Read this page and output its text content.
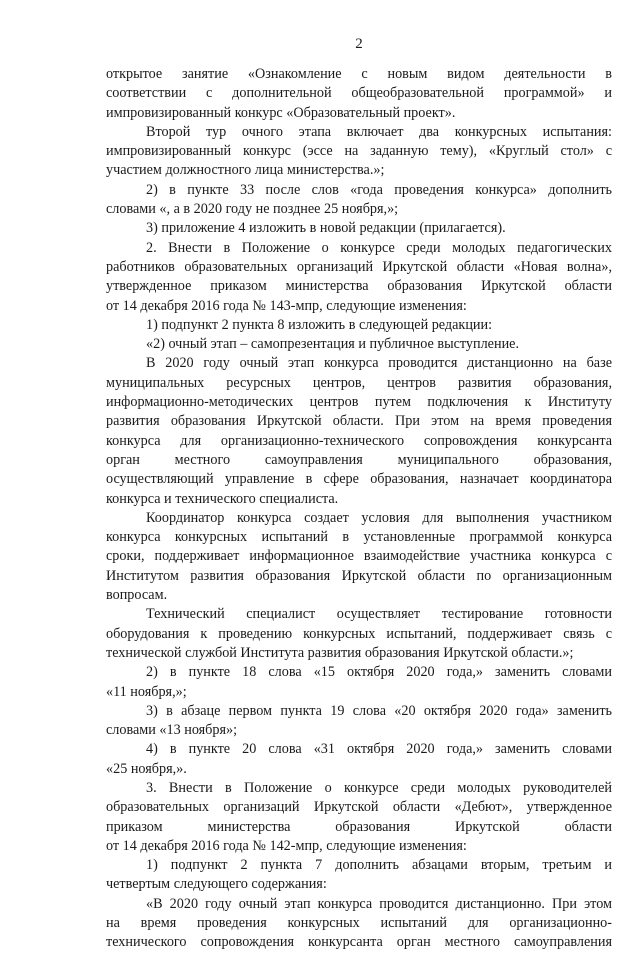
2
открытое занятие «Ознакомление с новым видом деятельности в
соответствии с дополнительной общеобразовательной программой» и
импровизированный конкурс «Образовательный проект».
Второй тур очного этапа включает два конкурсных испытания:
импровизированный конкурс (эссе на заданную тему), «Круглый стол» с
участием должностного лица министерства.»;
2) в пункте 33 после слов «года проведения конкурса» дополнить
словами «, а в 2020 году не позднее 25 ноября,»;
3) приложение 4 изложить в новой редакции (прилагается).
2. Внести в Положение о конкурсе среди молодых педагогических
работников образовательных организаций Иркутской области «Новая волна»,
утвержденное приказом министерства образования Иркутской области
от 14 декабря 2016 года № 143-мпр, следующие изменения:
1) подпункт 2 пункта 8 изложить в следующей редакции:
«2) очный этап – самопрезентация и публичное выступление.
В 2020 году очный этап конкурса проводится дистанционно на базе
муниципальных ресурсных центров, центров развития образования,
информационно-методических центров путем подключения к Институту
развития образования Иркутской области. При этом на время проведения
конкурса для организационно-технического сопровождения конкурсанта
орган местного самоуправления муниципального образования,
осуществляющий управление в сфере образования, назначает координатора
конкурса и технического специалиста.
Координатор конкурса создает условия для выполнения участником
конкурса конкурсных испытаний в установленные программой конкурса
сроки, поддерживает информационное взаимодействие участника конкурса с
Институтом развития образования Иркутской области по организационным
вопросам.
Технический специалист осуществляет тестирование готовности
оборудования к проведению конкурсных испытаний, поддерживает связь с
технической службой Института развития образования Иркутской области.»;
2) в пункте 18 слова «15 октября 2020 года,» заменить словами
«11 ноября,»;
3) в абзаце первом пункта 19 слова «20 октября 2020 года» заменить
словами «13 ноября»;
4) в пункте 20 слова «31 октября 2020 года,» заменить словами
«25 ноября,».
3. Внести в Положение о конкурсе среди молодых руководителей
образовательных организаций Иркутской области «Дебют», утвержденное
приказом министерства образования Иркутской области
от 14 декабря 2016 года № 142-мпр, следующие изменения:
1) подпункт 2 пункта 7 дополнить абзацами вторым, третьим и
четвертым следующего содержания:
«В 2020 году очный этап конкурса проводится дистанционно. При этом
на время проведения конкурсных испытаний для организационно-
технического сопровождения конкурсанта орган местного самоуправления
